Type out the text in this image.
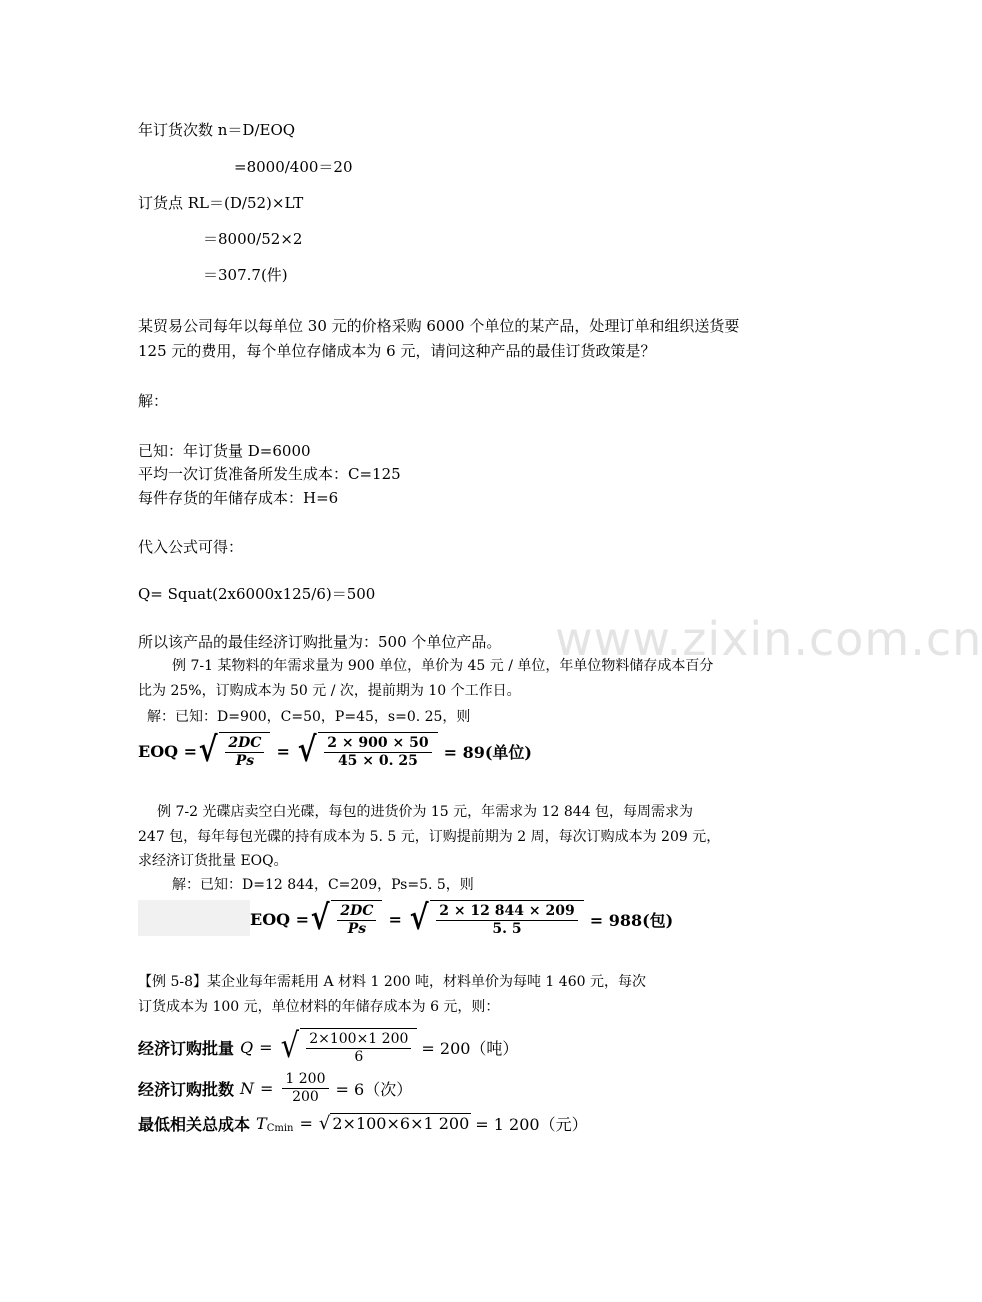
www.zixin.com.cn
年订货次数 n＝D/EOQ
=8000/400＝20
订货点 RL＝(D/52)×LT
＝8000/52×2
＝307.7(件)
某贸易公司每年以每单位 30 元的价格采购 6000 个单位的某产品，处理订单和组织送货要
125 元的费用，每个单位存储成本为 6 元，请问这种产品的最佳订货政策是？
解：
已知：年订货量 D=6000
平均一次订货准备所发生成本：C=125
每件存货的年储存成本：H=6
代入公式可得：
Q= Squat(2x6000x125/6)＝500
所以该产品的最佳经济订购批量为：500 个单位产品。
例 7-1 某物料的年需求量为 900 单位，单价为 45 元 / 单位，年单位物料储存成本百分
比为 25%，订购成本为 50 元 / 次，提前期为 10 个工作日。
解：已知：D=900，C=50，P=45，s=0. 25，则
EOQ = √ $\frac{2DC}{Ps}$ = √ $\frac{2 \times 900 \times 50}{45 \times 0. 25} = 89$(单位)
例 7-2 光碟店卖空白光碟，每包的进货价为 15 元，年需求为 12 844 包，每周需求为
247 包，每年每包光碟的持有成本为 5. 5 元，订购提前期为 2 周，每次订购成本为 209 元，
求经济订货批量 EOQ。
解：已知：D=12 844，C=209，Ps=5. 5，则
EOQ = √ $\frac{2DC}{Ps}$ = √ $\frac{2 \times 12 844 \times 209}{5. 5} = 988$(包)
【例 5-8】某企业每年需耗用 A 材料 1 200 吨，材料单价为每吨 1 460 元，每次
订货成本为 100 元，单位材料的年储存成本为 6 元，则：
经济订购批量 Q = √ $\frac{2\times 100\times 1 200}{6} = 200$（吨）
经济订购批数 $N = \frac{1 200}{200} = 6$（次）
最低相关总成本 T Cmin = √ 2×100×6×1 200 = 1 200（元）
